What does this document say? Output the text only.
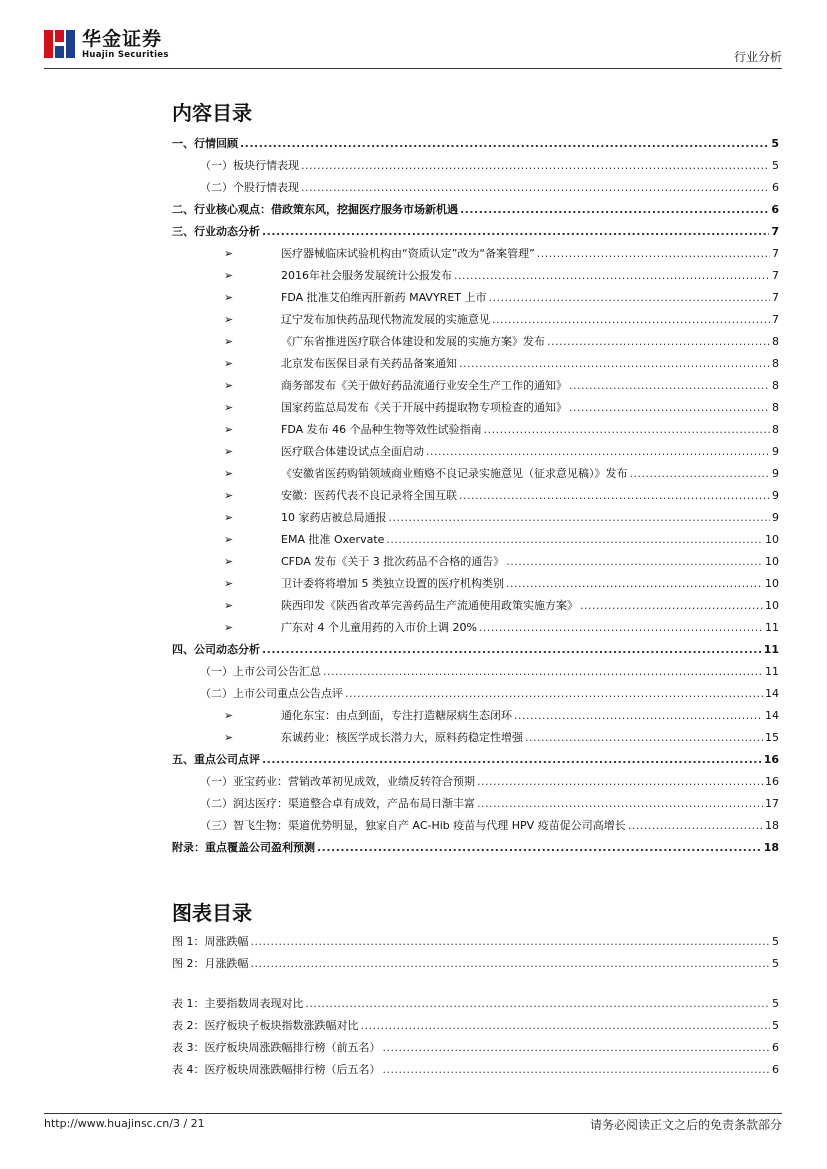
华金证券
Huajin Securities	行业分析
内容目录
一、行情回顾 .....	5
（一）板块行情表现 .....	5
（二）个股行情表现 .....	6
二、行业核心观点：借政策东风，挖掘医疗服务市场新机遇 .....	6
三、行业动态分析 .....	7
➢	医疗器械临床试验机构由“资质认定”改为“备案管理” .....	7
➢	2016年社会服务发展统计公报发布 .....	7
➢	FDA 批准艾伯维丙肝新药 MAVYRET 上市 .....	7
➢	辽宁发布加快药品现代物流发展的实施意见 .....	7
➢	《广东省推进医疗联合体建设和发展的实施方案》发布 .....	8
➢	北京发布医保目录有关药品备案通知 .....	8
➢	商务部发布《关于做好药品流通行业安全生产工作的通知》 .....	8
➢	国家药监总局发布《关于开展中药提取物专项检查的通知》 .....	8
➢	FDA 发布 46 个品种生物等效性试验指南 .....	8
➢	医疗联合体建设试点全面启动 .....	9
➢	《安徽省医药购销领域商业贿赂不良记录实施意见（征求意见稿）》发布 .....	9
➢	安徽：医药代表不良记录将全国互联 .....	9
➢	10 家药店被总局通报 .....	9
➢	EMA 批准 Oxervate .....	10
➢	CFDA 发布《关于 3 批次药品不合格的通告》 .....	10
➢	卫计委将将增加 5 类独立设置的医疗机构类别 .....	10
➢	陕西印发《陕西省改革完善药品生产流通使用政策实施方案》 .....	10
➢	广东对 4 个儿童用药的入市价上调 20% .....	11
四、公司动态分析 .....	11
（一）上市公司公告汇总 .....	11
（二）上市公司重点公告点评 .....	14
➢	通化东宝：由点到面，专注打造糖尿病生态闭环 .....	14
➢	东诚药业：核医学成长潜力大，原料药稳定性增强 .....	15
五、重点公司点评 .....	16
（一）亚宝药业：营销改革初见成效，业绩反转符合预期 .....	16
（二）润达医疗：渠道整合卓有成效，产品布局日渐丰富 .....	17
（三）智飞生物：渠道优势明显，独家自产 AC-Hib 疫苗与代理 HPV 疫苗促公司高增长 .....	18
附录：重点覆盖公司盈利预测 .....	18
图表目录
图 1：周涨跌幅 .....	5
图 2：月涨跌幅 .....	5
表 1：主要指数周表现对比 .....	5
表 2：医疗板块子板块指数涨跌幅对比 .....	5
表 3：医疗板块周涨跌幅排行榜（前五名） .....	6
表 4：医疗板块周涨跌幅排行榜（后五名） .....	6
http://www.huajinsc.cn/3 / 21	请务必阅读正文之后的免责条款部分
